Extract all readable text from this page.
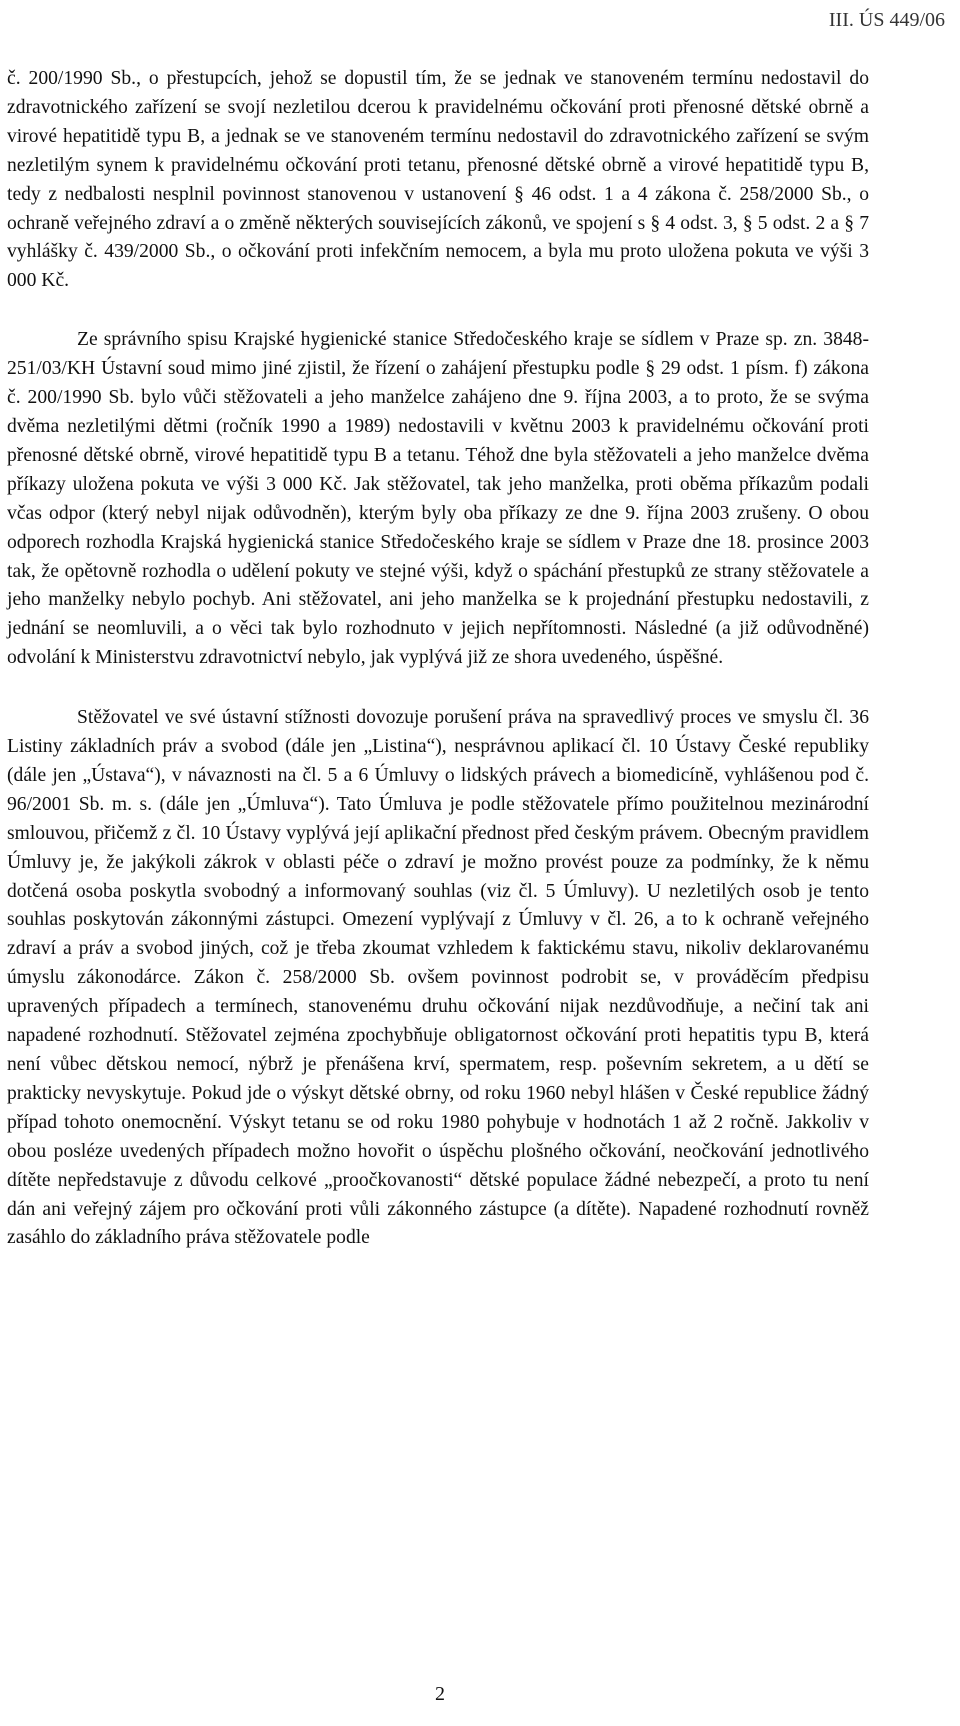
III. ÚS 449/06

č. 200/1990 Sb., o přestupcích, jehož se dopustil tím, že se jednak ve stanoveném termínu nedostavil do zdravotnického zařízení se svojí nezletilou dcerou k pravidelnému očkování proti přenosné dětské obrně a virové hepatitidě typu B, a jednak se ve stanoveném termínu nedostavil do zdravotnického zařízení se svým nezletilým synem k pravidelnému očkování proti tetanu, přenosné dětské obrně a virové hepatitidě typu B, tedy z nedbalosti nesplnil povinnost stanovenou v ustanovení § 46 odst. 1 a 4 zákona č. 258/2000 Sb., o ochraně veřejného zdraví a o změně některých souvisejících zákonů, ve spojení s § 4 odst. 3, § 5 odst. 2 a § 7 vyhlášky č. 439/2000 Sb., o očkování proti infekčním nemocem, a byla mu proto uložena pokuta ve výši 3 000 Kč.

Ze správního spisu Krajské hygienické stanice Středočeského kraje se sídlem v Praze sp. zn. 3848-251/03/KH Ústavní soud mimo jiné zjistil, že řízení o zahájení přestupku podle § 29 odst. 1 písm. f) zákona č. 200/1990 Sb. bylo vůči stěžovateli a jeho manželce zahájeno dne 9. října 2003, a to proto, že se svýma dvěma nezletilými dětmi (ročník 1990 a 1989) nedostavili v květnu 2003 k pravidelnému očkování proti přenosné dětské obrně, virové hepatitidě typu B a tetanu. Téhož dne byla stěžovateli a jeho manželce dvěma příkazy uložena pokuta ve výši 3 000 Kč. Jak stěžovatel, tak jeho manželka, proti oběma příkazům podali včas odpor (který nebyl nijak odůvodněn), kterým byly oba příkazy ze dne 9. října 2003 zrušeny. O obou odporech rozhodla Krajská hygienická stanice Středočeského kraje se sídlem v Praze dne 18. prosince 2003 tak, že opětovně rozhodla o udělení pokuty ve stejné výši, když o spáchání přestupků ze strany stěžovatele a jeho manželky nebylo pochyb. Ani stěžovatel, ani jeho manželka se k projednání přestupku nedostavili, z jednání se neomluvili, a o věci tak bylo rozhodnuto v jejich nepřítomnosti. Následné (a již odůvodněné) odvolání k Ministerstvu zdravotnictví nebylo, jak vyplývá již ze shora uvedeného, úspěšné.

Stěžovatel ve své ústavní stížnosti dovozuje porušení práva na spravedlivý proces ve smyslu čl. 36 Listiny základních práv a svobod (dále jen „Listina“), nesprávnou aplikací čl. 10 Ústavy České republiky (dále jen „Ústava“), v návaznosti na čl. 5 a 6 Úmluvy o lidských právech a biomedicíně, vyhlášenou pod č. 96/2001 Sb. m. s. (dále jen „Úmluva“). Tato Úmluva je podle stěžovatele přímo použitelnou mezinárodní smlouvou, přičemž z čl. 10 Ústavy vyplývá její aplikační přednost před českým právem. Obecným pravidlem Úmluvy je, že jakýkoli zákrok v oblasti péče o zdraví je možno provést pouze za podmínky, že k němu dotčená osoba poskytla svobodný a informovaný souhlas (viz čl. 5 Úmluvy). U nezletilých osob je tento souhlas poskytován zákonnými zástupci. Omezení vyplývají z Úmluvy v čl. 26, a to k ochraně veřejného zdraví a práv a svobod jiných, což je třeba zkoumat vzhledem k faktickému stavu, nikoliv deklarovanému úmyslu zákonodárce. Zákon č. 258/2000 Sb. ovšem povinnost podrobit se, v prováděcím předpisu upravených případech a termínech, stanovenému druhu očkování nijak nezdůvodňuje, a nečiní tak ani napadené rozhodnutí. Stěžovatel zejména zpochybňuje obligatornost očkování proti hepatitis typu B, která není vůbec dětskou nemocí, nýbrž je přenášena krví, spermatem, resp. poševním sekretem, a u dětí se prakticky nevyskytuje. Pokud jde o výskyt dětské obrny, od roku 1960 nebyl hlášen v České republice žádný případ tohoto onemocnění. Výskyt tetanu se od roku 1980 pohybuje v hodnotách 1 až 2 ročně. Jakkoliv v obou posléze uvedených případech možno hovořit o úspěchu plošného očkování, neočkování jednotlivého dítěte nepředstavuje z důvodu celkové „proočkovanosti“ dětské populace žádné nebezpečí, a proto tu není dán ani veřejný zájem pro očkování proti vůli zákonného zástupce (a dítěte). Napadené rozhodnutí rovněž zasáhlo do základního práva stěžovatele podle

2
